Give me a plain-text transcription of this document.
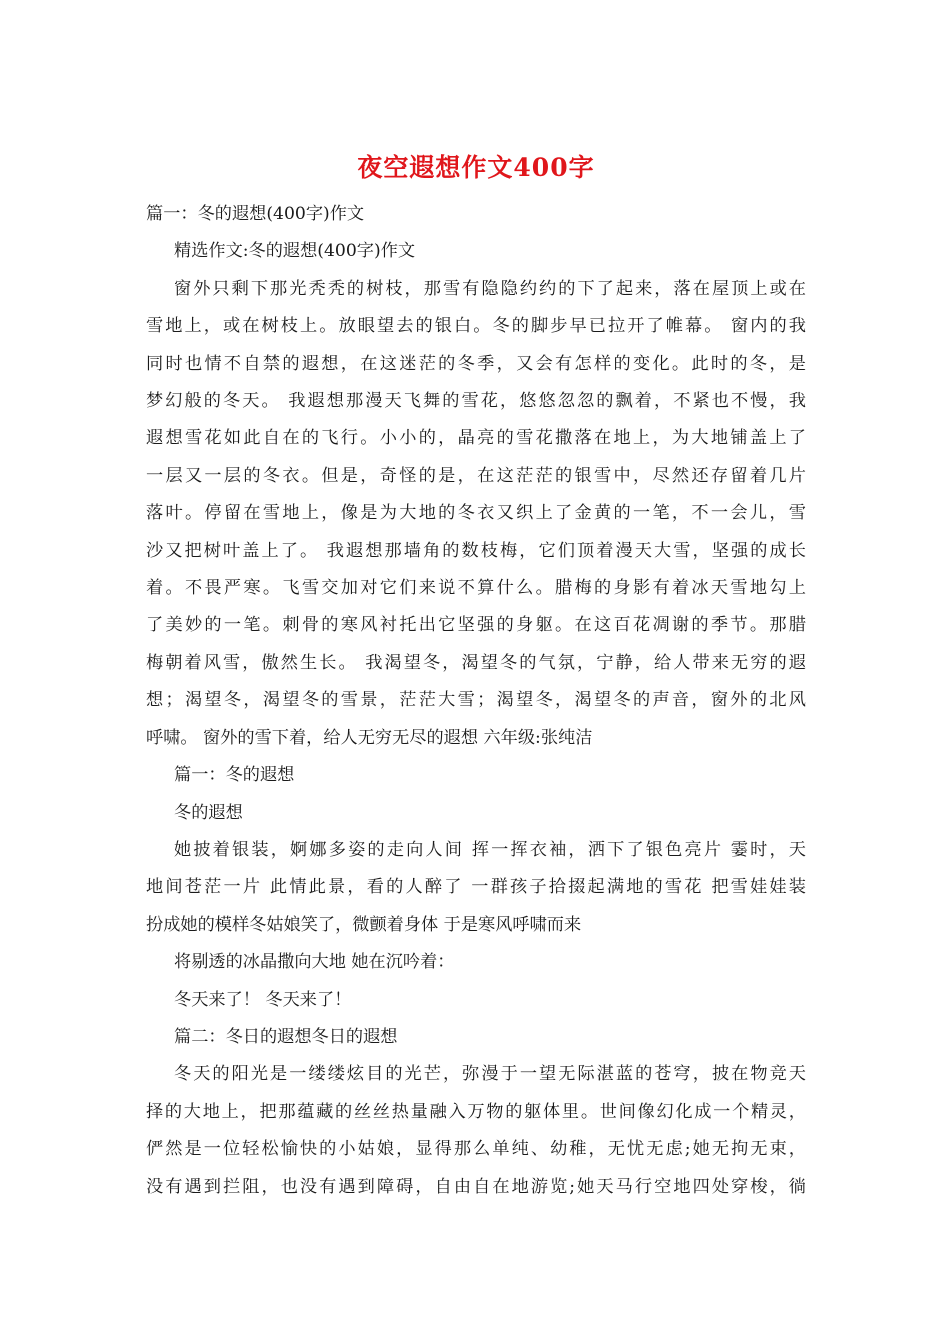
夜空遐想作文400字

篇一：冬的遐想(400字)作文

精选作文:冬的遐想(400字)作文

窗外只剩下那光秃秃的树枝，那雪有隐隐约约的下了起来，落在屋顶上或在

雪地上，或在树枝上。放眼望去的银白。冬的脚步早已拉开了帷幕。 窗内的我

同时也情不自禁的遐想，在这迷茫的冬季，又会有怎样的变化。此时的冬，是

梦幻般的冬天。 我遐想那漫天飞舞的雪花，悠悠忽忽的飘着，不紧也不慢，我

遐想雪花如此自在的飞行。小小的，晶亮的雪花撒落在地上，为大地铺盖上了

一层又一层的冬衣。但是，奇怪的是，在这茫茫的银雪中，尽然还存留着几片

落叶。停留在雪地上，像是为大地的冬衣又织上了金黄的一笔，不一会儿，雪

沙又把树叶盖上了。 我遐想那墙角的数枝梅，它们顶着漫天大雪，坚强的成长

着。不畏严寒。飞雪交加对它们来说不算什么。腊梅的身影有着冰天雪地勾上

了美妙的一笔。刺骨的寒风衬托出它坚强的身躯。在这百花凋谢的季节。那腊

梅朝着风雪，傲然生长。 我渴望冬，渴望冬的气氛，宁静，给人带来无穷的遐

想；渴望冬，渴望冬的雪景，茫茫大雪；渴望冬，渴望冬的声音，窗外的北风

呼啸。 窗外的雪下着，给人无穷无尽的遐想 六年级:张纯洁

篇一：冬的遐想

冬的遐想

她披着银装，婀娜多姿的走向人间 挥一挥衣袖，洒下了银色亮片 霎时，天

地间苍茫一片 此情此景，看的人醉了 一群孩子拾掇起满地的雪花 把雪娃娃装

扮成她的模样冬姑娘笑了，微颤着身体 于是寒风呼啸而来

将剔透的冰晶撒向大地 她在沉吟着：

冬天来了！ 冬天来了！

篇二：冬日的遐想冬日的遐想

冬天的阳光是一缕缕炫目的光芒，弥漫于一望无际湛蓝的苍穹，披在物竞天

择的大地上，把那蕴藏的丝丝热量融入万物的躯体里。世间像幻化成一个精灵，

俨然是一位轻松愉快的小姑娘，显得那么单纯、幼稚，无忧无虑;她无拘无束，

没有遇到拦阻，也没有遇到障碍，自由自在地游览;她天马行空地四处穿梭，徜
